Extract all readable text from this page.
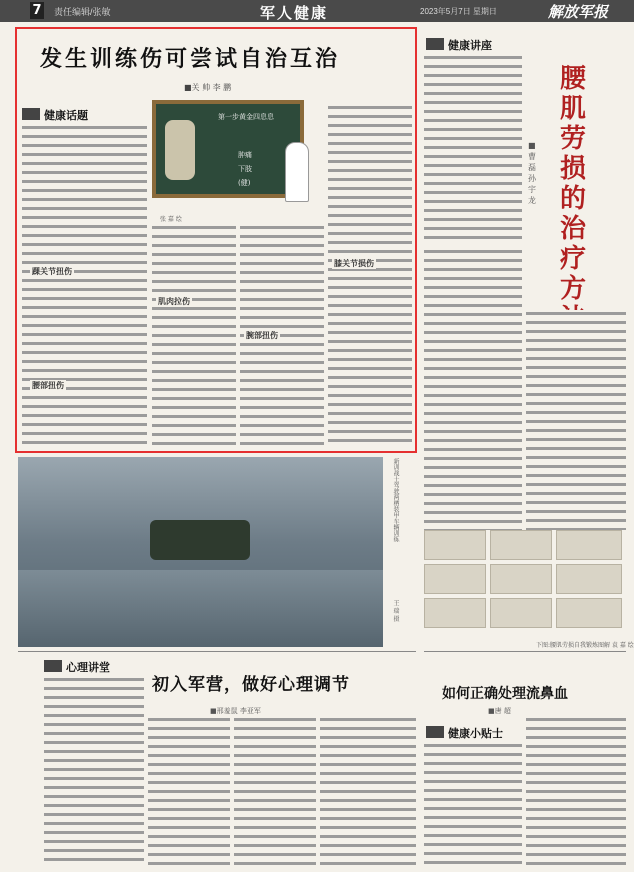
7 责任编辑/张敏	军人健康	2023年5月7日 星期日	解放军报
发生训练伤可尝试自治互治
■关 帅 李 鹏
健康话题
踝关节扭伤
腰部扭伤
第一步黄金四息息
肿痛
下肢
(健)
张 嘉 绘
肌肉拉伤
腕部扭伤
膝关节损伤
健康讲座
腰肌劳损的治疗方
■曹 磊 孙宇龙
下图:腰肌劳损自我锻炼图解 袁 嘉 绘
新训战士驾驶两栖装甲车辆训练
王 瑞 摄
心理讲堂
初入军营，做好心理调节
■邢羞鼠 李亚军
如何正确处理流鼻血
■唐 超
健康小贴士
